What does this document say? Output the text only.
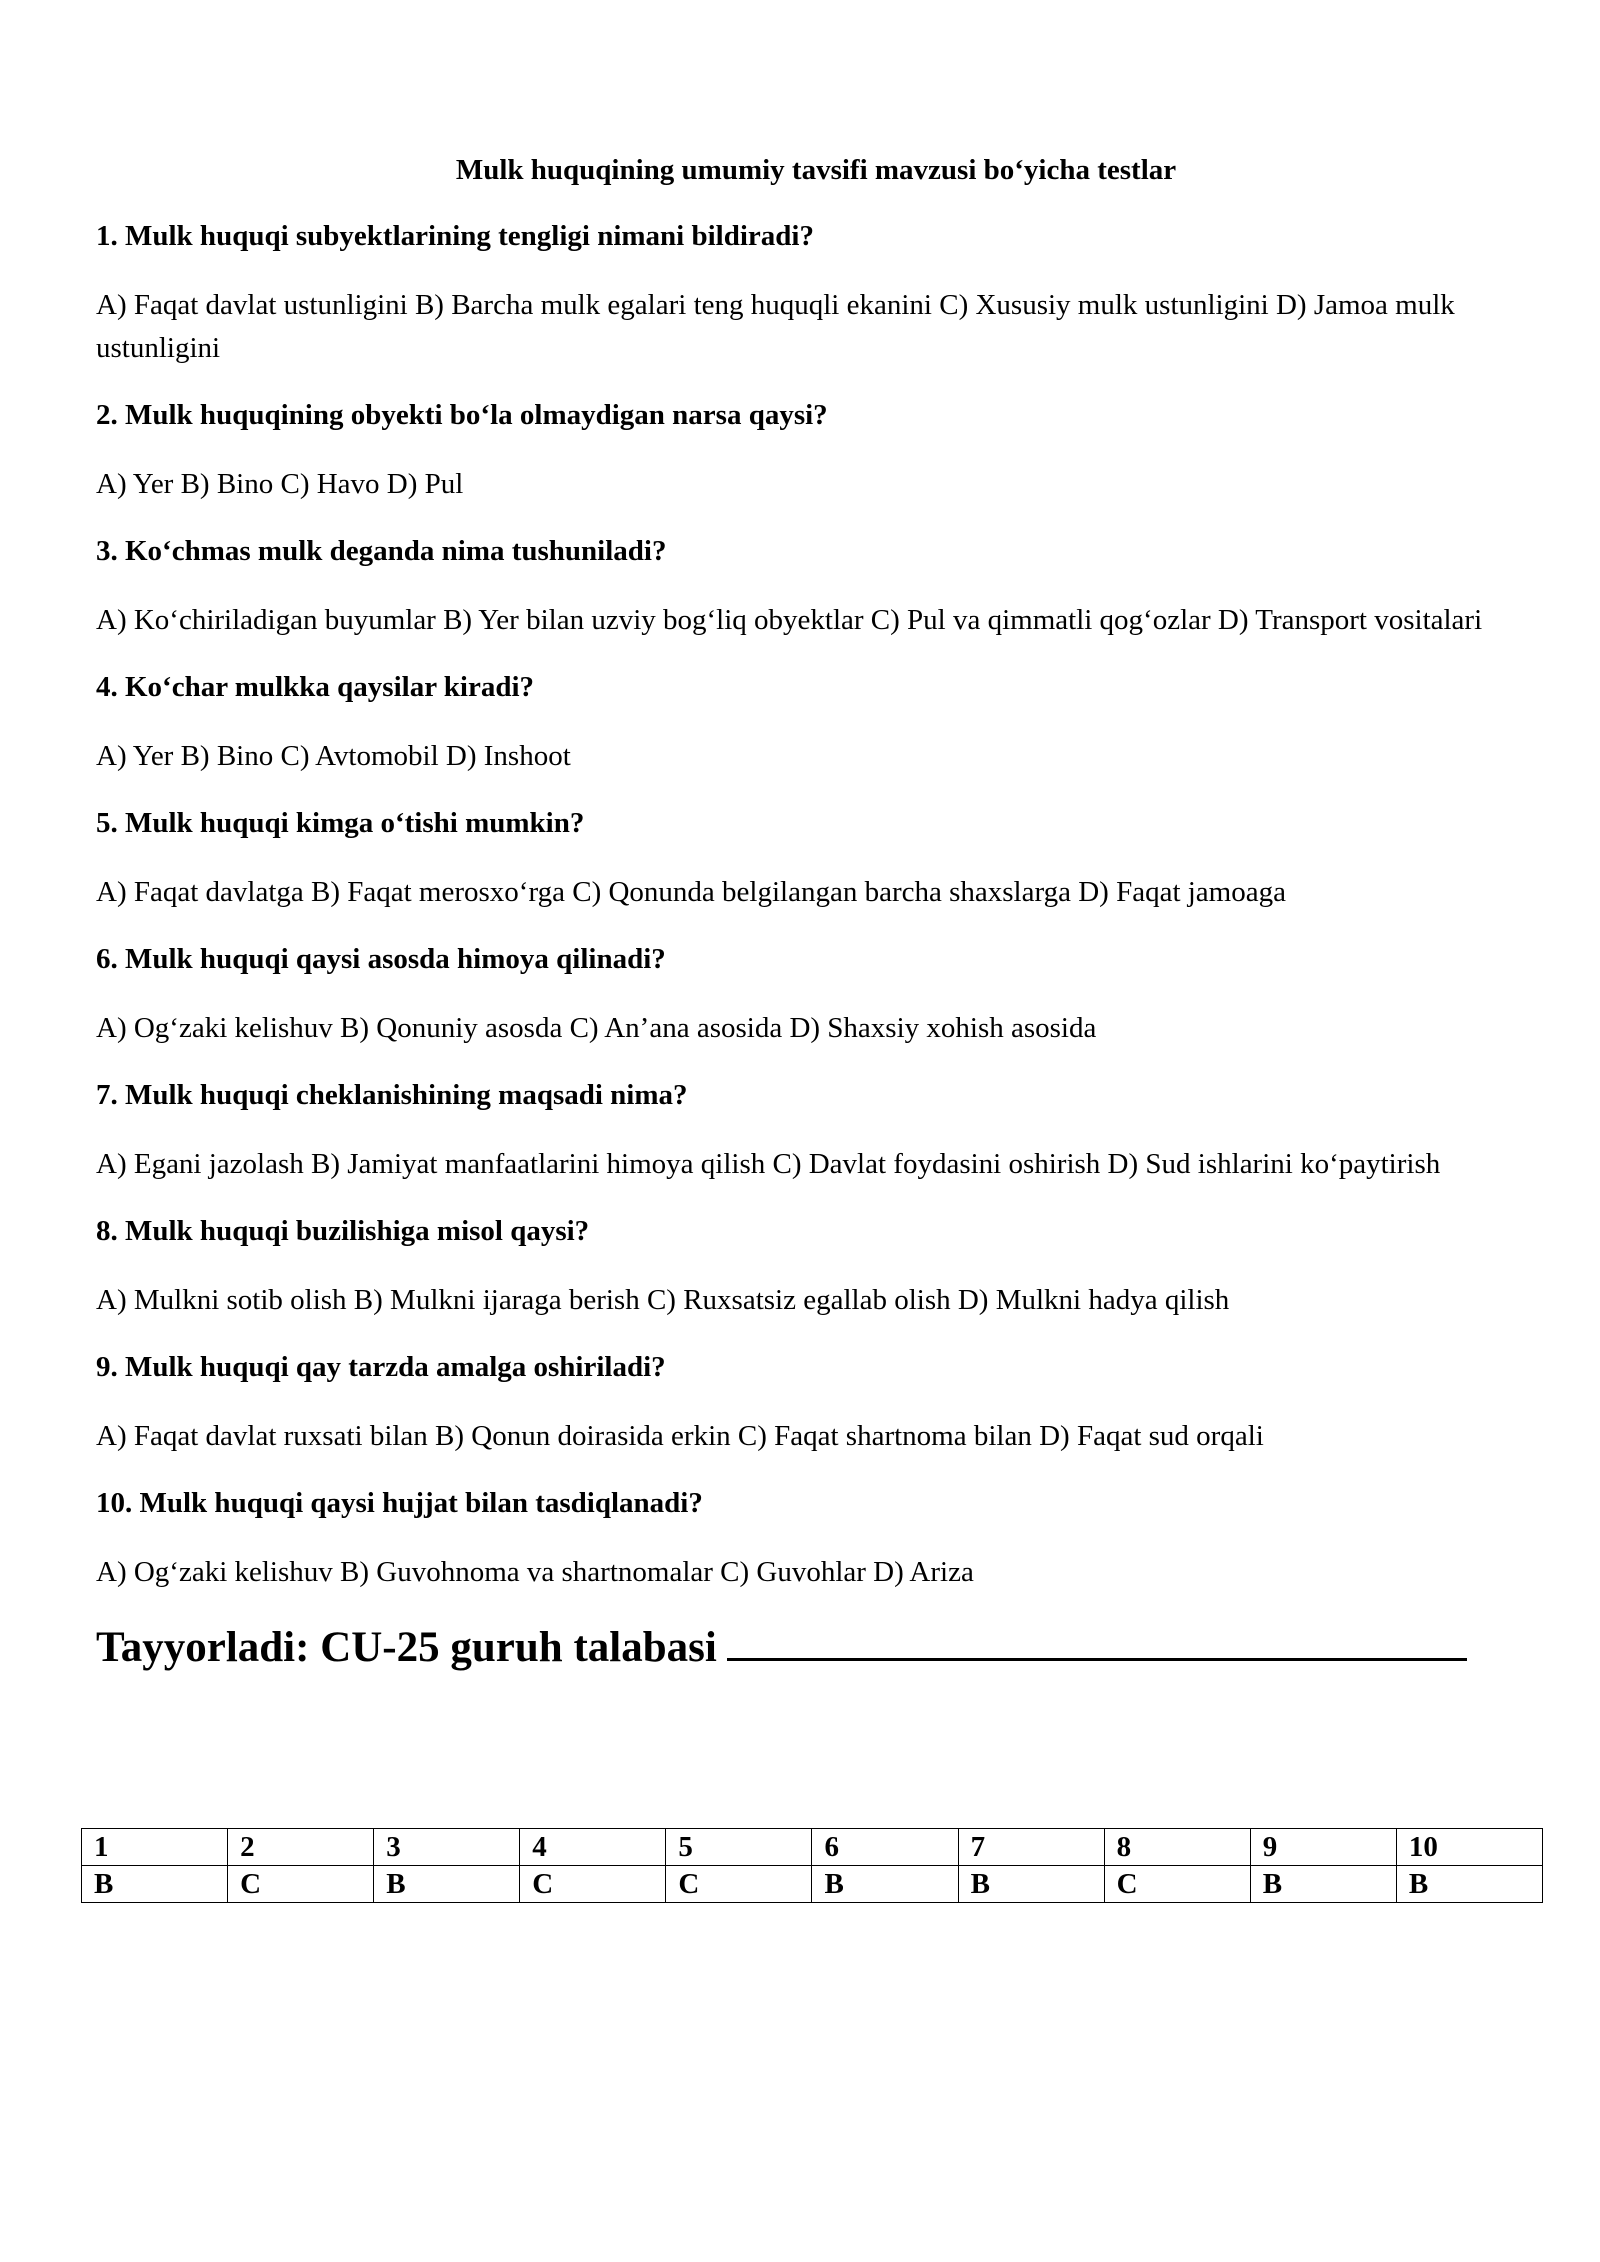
Mulk huquqining umumiy tavsifi mavzusi bo‘yicha testlar
1. Mulk huquqi subyektlarining tengligi nimani bildiradi?
A) Faqat davlat ustunligini B) Barcha mulk egalari teng huquqli ekanini C) Xususiy mulk ustunligini D) Jamoa mulk ustunligini
2. Mulk huquqining obyekti bo‘la olmaydigan narsa qaysi?
A) Yer B) Bino C) Havo D) Pul
3. Ko‘chmas mulk deganda nima tushuniladi?
A) Ko‘chiriladigan buyumlar B) Yer bilan uzviy bog‘liq obyektlar C) Pul va qimmatli qog‘ozlar D) Transport vositalari
4. Ko‘char mulkka qaysilar kiradi?
A) Yer B) Bino C) Avtomobil D) Inshoot
5. Mulk huquqi kimga o‘tishi mumkin?
A) Faqat davlatga B) Faqat merosxo‘rga C) Qonunda belgilangan barcha shaxslarga D) Faqat jamoaga
6. Mulk huquqi qaysi asosda himoya qilinadi?
A) Og‘zaki kelishuv B) Qonuniy asosda C) An’ana asosida D) Shaxsiy xohish asosida
7. Mulk huquqi cheklanishining maqsadi nima?
A) Egani jazolash B) Jamiyat manfaatlarini himoya qilish C) Davlat foydasini oshirish D) Sud ishlarini ko‘paytirish
8. Mulk huquqi buzilishiga misol qaysi?
A) Mulkni sotib olish B) Mulkni ijaraga berish C) Ruxsatsiz egallab olish D) Mulkni hadya qilish
9. Mulk huquqi qay tarzda amalga oshiriladi?
A) Faqat davlat ruxsati bilan B) Qonun doirasida erkin C) Faqat shartnoma bilan D) Faqat sud orqali
10. Mulk huquqi qaysi hujjat bilan tasdiqlanadi?
A) Og‘zaki kelishuv B) Guvohnoma va shartnomalar C) Guvohlar D) Ariza
Tayyorladi: CU-25 guruh talabasi
1	2	3	4	5	6	7	8	9	10
B	C	B	C	C	B	B	C	B	B
